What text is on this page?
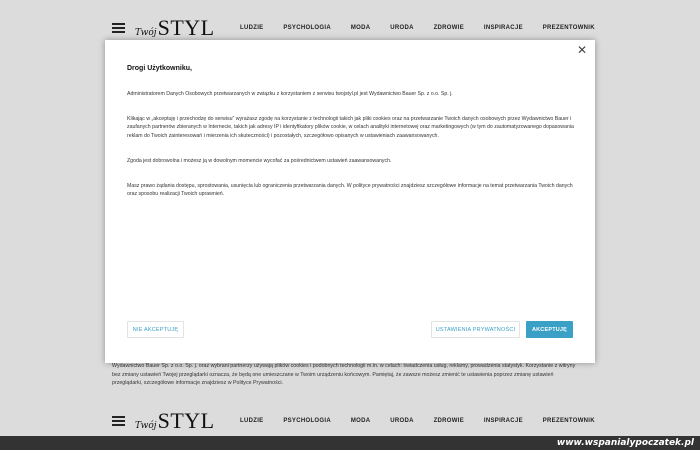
Twój STYL	LUDZIE	PSYCHOLOGIA	MODA	URODA	ZDROWIE	INSPIRACJE	PREZENTOWNIK
Wydawnictwo Bauer Sp. z o.o. Sp. j. oraz wybrani partnerzy używają plików cookies i podobnych technologii m.in. w celach: świadczenia usług, reklamy, prowadzenia statystyk. Korzystanie z witryny bez zmiany ustawień Twojej przeglądarki oznacza, że będą one umieszczane w Twoim urządzeniu końcowym. Pamiętaj, że zawsze możesz zmienić te ustawienia poprzez zmianę ustawień przeglądarki, szczegółowe informacje znajdziesz w Polityce Prywatności.
Twój STYL	LUDZIE	PSYCHOLOGIA	MODA	URODA	ZDROWIE	INSPIRACJE	PREZENTOWNIK
✕
Drogi Użytkowniku,
Administratorem Danych Osobowych przetwarzanych w związku z korzystaniem z serwisu twojstyl.pl jest Wydawnictwo Bauer Sp. z o.o. Sp. j.
Klikając w „akceptuję i przechodzę do serwisu” wyrażasz zgodę na korzystanie z technologii takich jak pliki cookies oraz na przetwarzanie Twoich danych osobowych przez Wydawnictwo Bauer i zaufanych partnerów zbieranych w Internecie, takich jak adresy IP i identyfikatory plików cookie, w celach analityki internetowej oraz marketingowych (w tym do zautomatyzowanego dopasowania reklam do Twoich zainteresowań i mierzenia ich skuteczności) i pozostałych, szczegółowo opisanych w ustawieniach zaawansowanych.
Zgoda jest dobrowolna i możesz ją w dowolnym momencie wycofać za pośrednictwem ustawień zaawansowanych.
Masz prawo żądania dostępu, sprostowania, usunięcia lub ograniczenia przetwarzania danych. W polityce prywatności znajdziesz szczegółowe informacje na temat przetwarzania Twoich danych oraz sposobu realizacji Twoich uprawnień.
NIE AKCEPTUJĘ	USTAWIENIA PRYWATNOŚCI	AKCEPTUJĘ
www.wspanialypoczatek.pl
